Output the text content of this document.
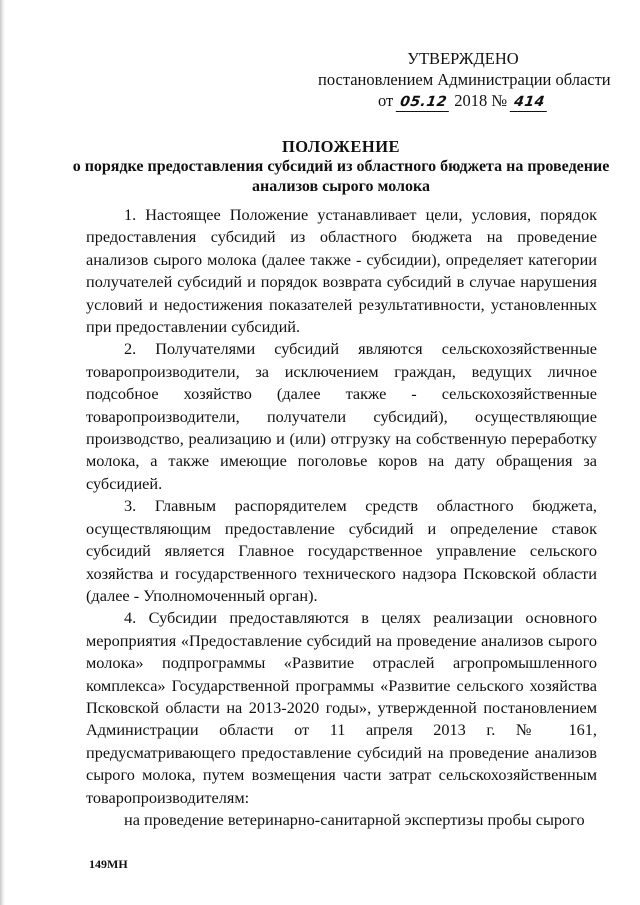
УТВЕРЖДЕНО
постановлением Администрации области
от 05.12 2018 № 414
ПОЛОЖЕНИЕ
о порядке предоставления субсидий из областного бюджета на проведение анализов сырого молока

1. Настоящее Положение устанавливает цели, условия, порядок предоставления субсидий из областного бюджета на проведение анализов сырого молока (далее также - субсидии), определяет категории получателей субсидий и порядок возврата субсидий в случае нарушения условий и недостижения показателей результативности, установленных при предоставлении субсидий.

2. Получателями субсидий являются сельскохозяйственные товаропроизводители, за исключением граждан, ведущих личное подсобное хозяйство (далее также - сельскохозяйственные товаропроизводители, получатели субсидий), осуществляющие производство, реализацию и (или) отгрузку на собственную переработку молока, а также имеющие поголовье коров на дату обращения за субсидией.

3. Главным распорядителем средств областного бюджета, осуществляющим предоставление субсидий и определение ставок субсидий является Главное государственное управление сельского хозяйства и государственного технического надзора Псковской области (далее - Уполномоченный орган).

4. Субсидии предоставляются в целях реализации основного мероприятия «Предоставление субсидий на проведение анализов сырого молока» подпрограммы «Развитие отраслей агропромышленного комплекса» Государственной программы «Развитие сельского хозяйства Псковской области на 2013-2020 годы», утвержденной постановлением Администрации области от 11 апреля 2013 г. № 161, предусматривающего предоставление субсидий на проведение анализов сырого молока, путем возмещения части затрат сельскохозяйственным товаропроизводителям:

на проведение ветеринарно-санитарной экспертизы пробы сырого

149МН
